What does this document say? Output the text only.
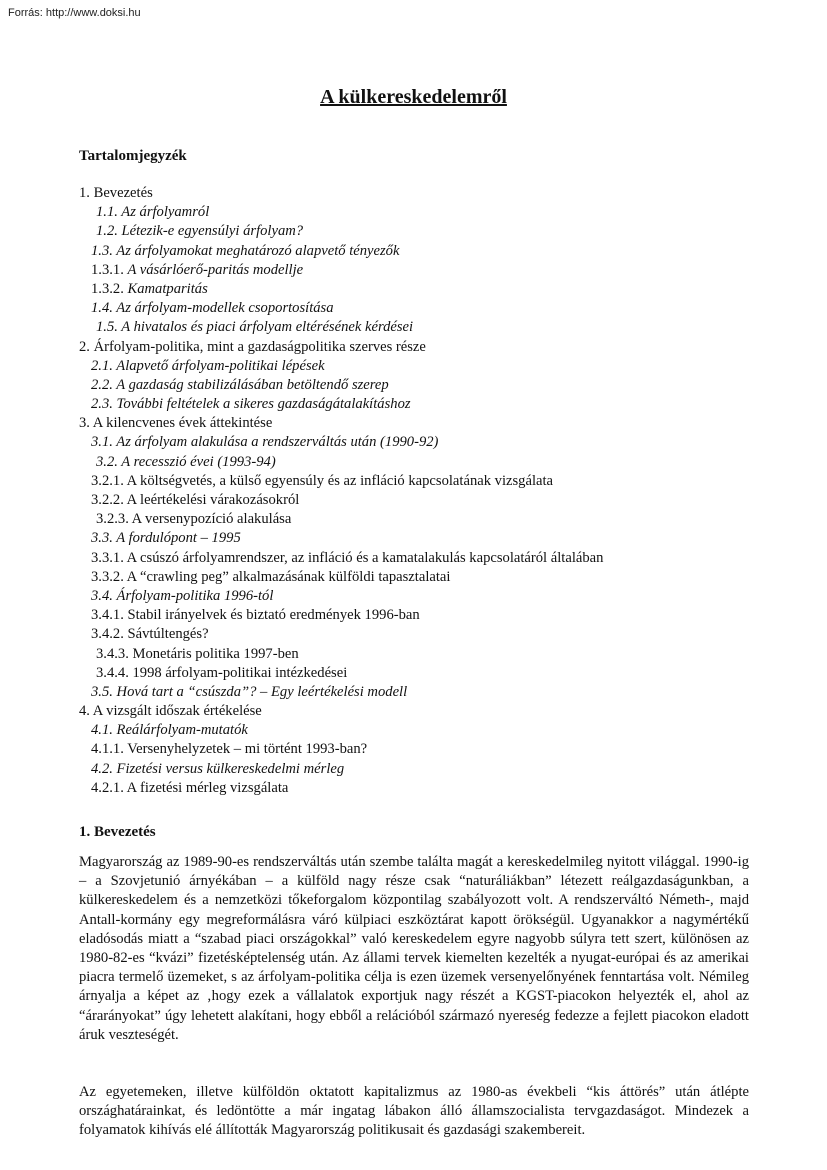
Forrás: http://www.doksi.hu
A külkereskedelemről
Tartalomjegyzék
1. Bevezetés
1.1. Az árfolyamról
1.2. Létezik-e egyensúlyi árfolyam?
1.3. Az árfolyamokat meghatározó alapvető tényezők
1.3.1. A vásárlóerő-paritás modellje
1.3.2. Kamatparitás
1.4. Az árfolyam-modellek csoportosítása
1.5. A hivatalos és piaci árfolyam eltérésének kérdései
2. Árfolyam-politika, mint a gazdaságpolitika szerves része
2.1. Alapvető árfolyam-politikai lépések
2.2. A gazdaság stabilizálásában betöltendő szerep
2.3. További feltételek a sikeres gazdaságátalakításhoz
3. A kilencvenes évek áttekintése
3.1. Az árfolyam alakulása a rendszerváltás után (1990-92)
3.2. A recesszió évei (1993-94)
3.2.1. A költségvetés, a külső egyensúly és az infláció kapcsolatának vizsgálata
3.2.2. A leértékelési várakozásokról
3.2.3. A versenypozíció alakulása
3.3. A fordulópont – 1995
3.3.1. A csúszó árfolyamrendszer, az infláció és a kamatalakulás kapcsolatáról általában
3.3.2. A “crawling peg” alkalmazásának külföldi tapasztalatai
3.4. Árfolyam-politika 1996-tól
3.4.1. Stabil irányelvek és biztató eredmények 1996-ban
3.4.2. Sávtúltengés?
3.4.3. Monetáris politika 1997-ben
3.4.4. 1998 árfolyam-politikai intézkedései
3.5. Hová tart a “csúszda”? – Egy leértékelési modell
4. A vizsgált időszak értékelése
4.1. Reálárfolyam-mutatók
4.1.1. Versenyhelyzetek – mi történt 1993-ban?
4.2. Fizetési versus külkereskedelmi mérleg
4.2.1. A fizetési mérleg vizsgálata
1. Bevezetés

Magyarország az 1989-90-es rendszerváltás után szembe találta magát a kereskedelmileg nyitott világgal. 1990-ig – a Szovjetunió árnyékában – a külföld nagy része csak “naturáliákban” létezett reálgazdaságunkban, a külkereskedelem és a nemzetközi tőkeforgalom központilag szabályozott volt. A rendszerváltó Németh-, majd Antall-kormány egy megreformálásra váró külpiaci eszköztárat kapott örökségül. Ugyanakkor a nagymértékű eladósodás miatt a “szabad piaci országokkal” való kereskedelem egyre nagyobb súlyra tett szert, különösen az 1980-82-es “kvázi” fizetésképtelenség után. Az állami tervek kiemelten kezelték a nyugat-európai és az amerikai piacra termelő üzemeket, s az árfolyam-politika célja is ezen üzemek versenyelőnyének fenntartása volt. Némileg árnyalja a képet az ‚hogy ezek a vállalatok exportjuk nagy részét a KGST-piacokon helyezték el, ahol az “árarányokat” úgy lehetett alakítani, hogy ebből a relációból származó nyereség fedezze a fejlett piacokon eladott áruk veszteségét.

Az egyetemeken, illetve külföldön oktatott kapitalizmus az 1980-as évekbeli “kis áttörés” után átlépte országhatárainkat, és ledöntötte a már ingatag lábakon álló államszocialista tervgazdaságot. Mindezek a folyamatok kihívás elé állították Magyarország politikusait és gazdasági szakembereit.
